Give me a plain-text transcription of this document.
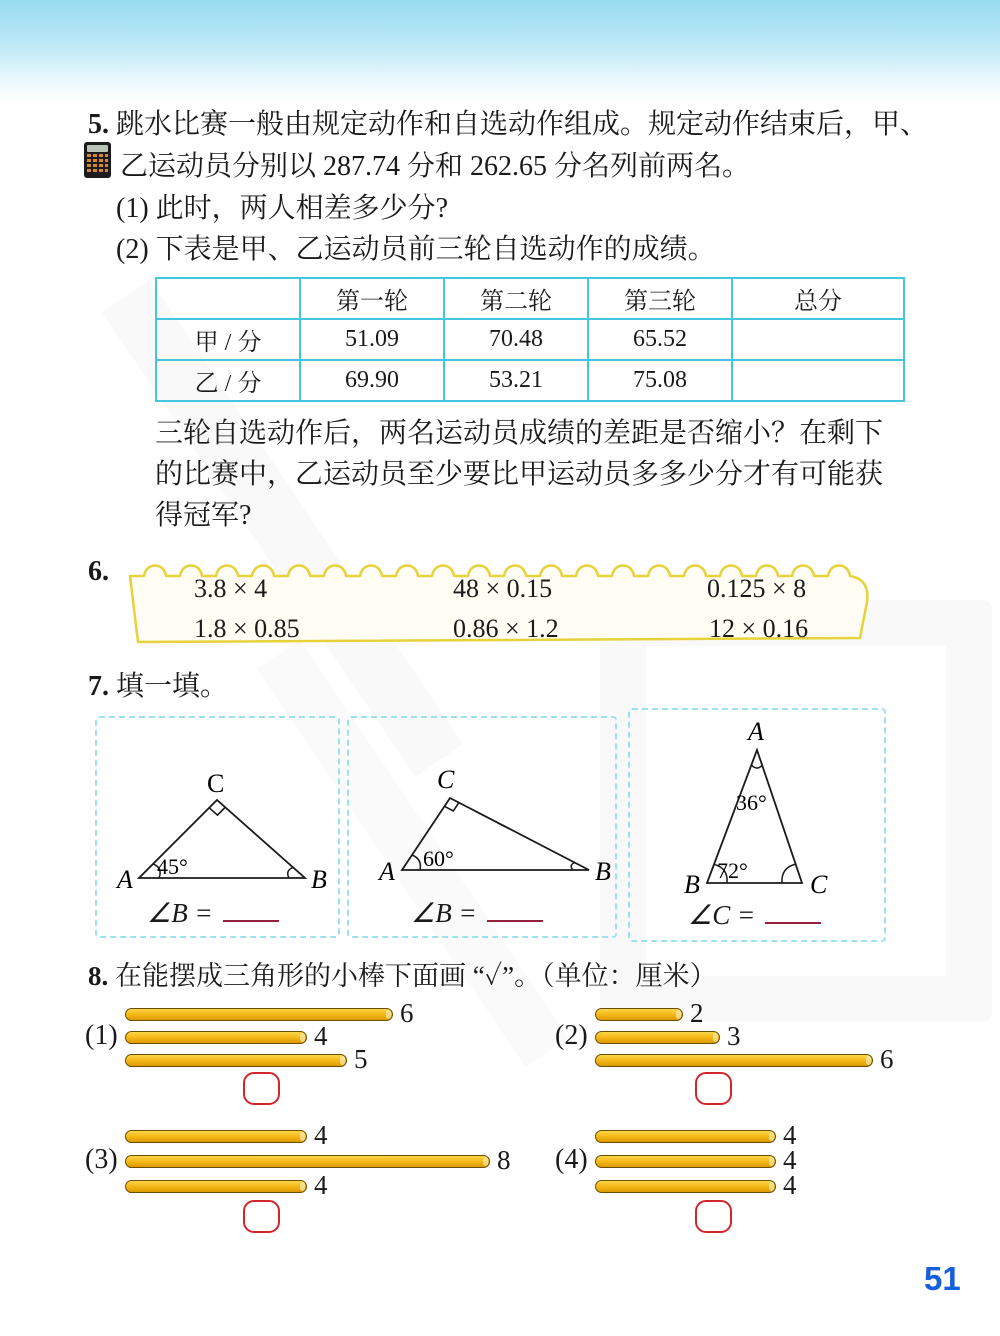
5. 跳水比赛一般由规定动作和自选动作组成。规定动作结束后，甲、
乙运动员分别以 287.74 分和 262.65 分名列前两名。
(1) 此时，两人相差多少分?
(2) 下表是甲、乙运动员前三轮自选动作的成绩。
	第一轮	第二轮	第三轮	总分
甲 / 分	51.09	70.48	65.52	
乙 / 分	69.90	53.21	75.08	
三轮自选动作后，两名运动员成绩的差距是否缩小？在剩下
的比赛中，乙运动员至少要比甲运动员多多少分才有可能获
得冠军?
6.
3.8 × 4	48 × 0.15	0.125 × 8
1.8 × 0.85	0.86 × 1.2	12 × 0.16
7. 填一填。
A	B
C
45°
∠B =
A	B
C
60°
∠B =
A
B	C
36°
72°
∠C =
8. 在能摆成三角形的小棒下面画 “✓”。（单位：厘米）
(1)
6
4
5
(2)
2
3
6
(3)
4
8
4
(4)
4
4
4
51
